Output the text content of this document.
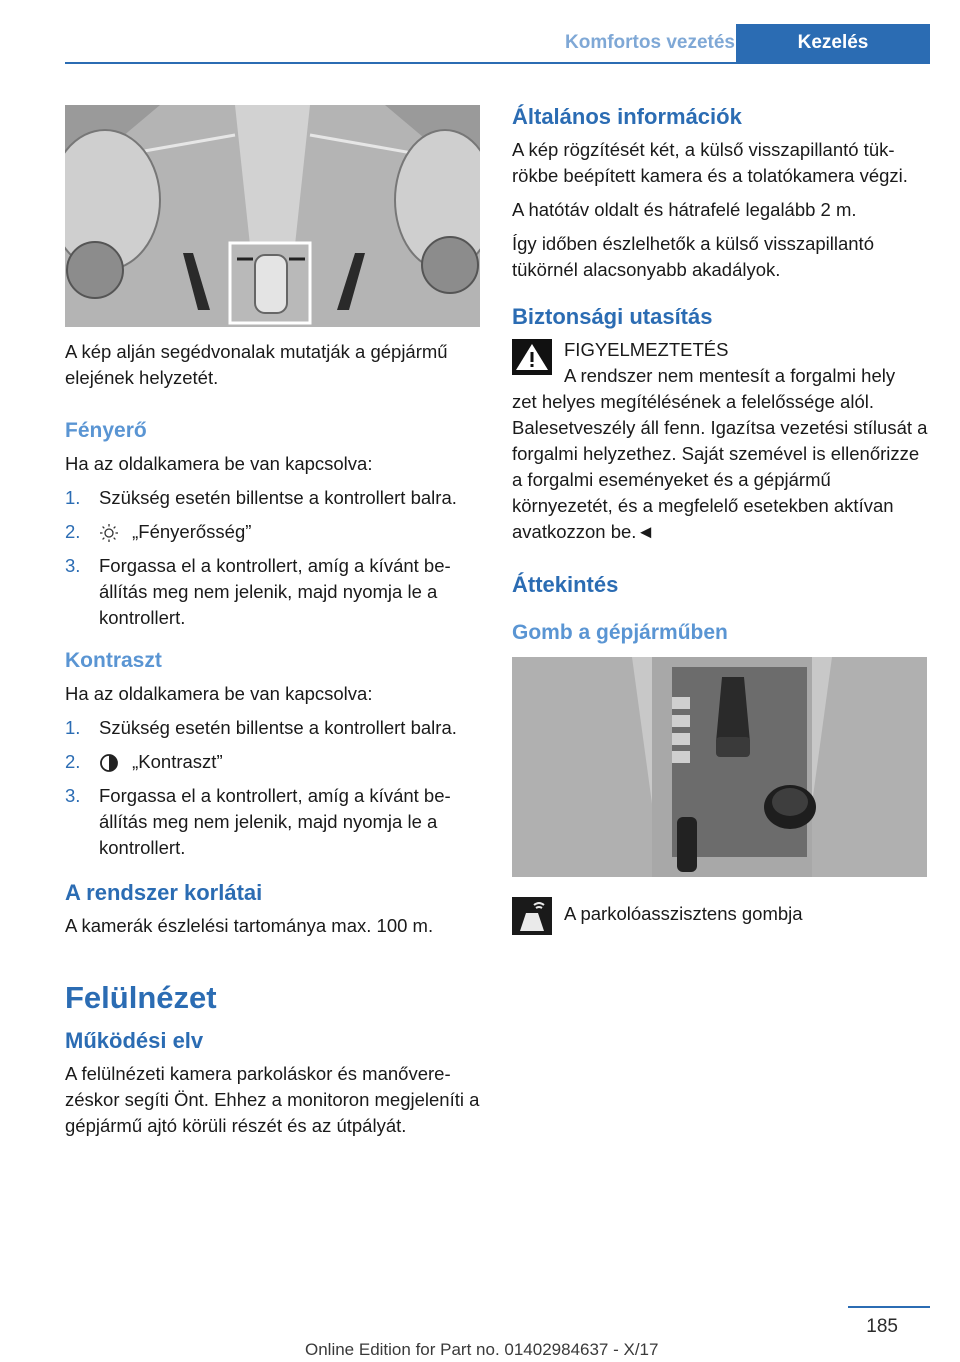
Komfortos vezetés	Kezelés

A kép alján segédvonalak mutatják a gépjármű elejének helyzetét.

Fényerő

Ha az oldalkamera be van kapcsolva:

1. Szükség esetén billentse a kontrollert balra.
2.	„Fényerősség”
3. Forgassa el a kontrollert, amíg a kívánt beállítás meg nem jelenik, majd nyomja le a kontrollert.
Kontraszt

Ha az oldalkamera be van kapcsolva:

1. Szükség esetén billentse a kontrollert balra.
2.	„Kontraszt”
3. Forgassa el a kontrollert, amíg a kívánt beállítás meg nem jelenik, majd nyomja le a kontrollert.
A rendszer korlátai

A kamerák észlelési tartománya max. 100 m.

Felülnézet
Működési elv

A felülnézeti kamera parkoláskor és manőverezéskor segíti Önt. Ehhez a monitoron megjeleníti a gépjármű ajtó körüli részét és az útpályát.

Általános információk

A kép rögzítését két, a külső visszapillantó tükrökbe beépített kamera és a tolatókamera végzi.

A hatótáv oldalt és hátrafelé legalább 2 m.

Így időben észlelhetők a külső visszapillantó tükörnél alacsonyabb akadályok.

Biztonsági utasítás

FIGYELMEZTETÉS

A rendszer nem mentesít a forgalmi hely

zet helyes megítélésének a felelőssége alól. Balesetveszély áll fenn. Igazítsa vezetési stílusát a forgalmi helyzethez. Saját szemével is ellenőrizze a forgalmi eseményeket és a gépjármű környezetét, és a megfelelő esetekben aktívan avatkozzon be.◄

Áttekintés
Gomb a gépjárműben

A parkolóasszisztens gombja

185
Online Edition for Part no. 01402984637 - X/17
